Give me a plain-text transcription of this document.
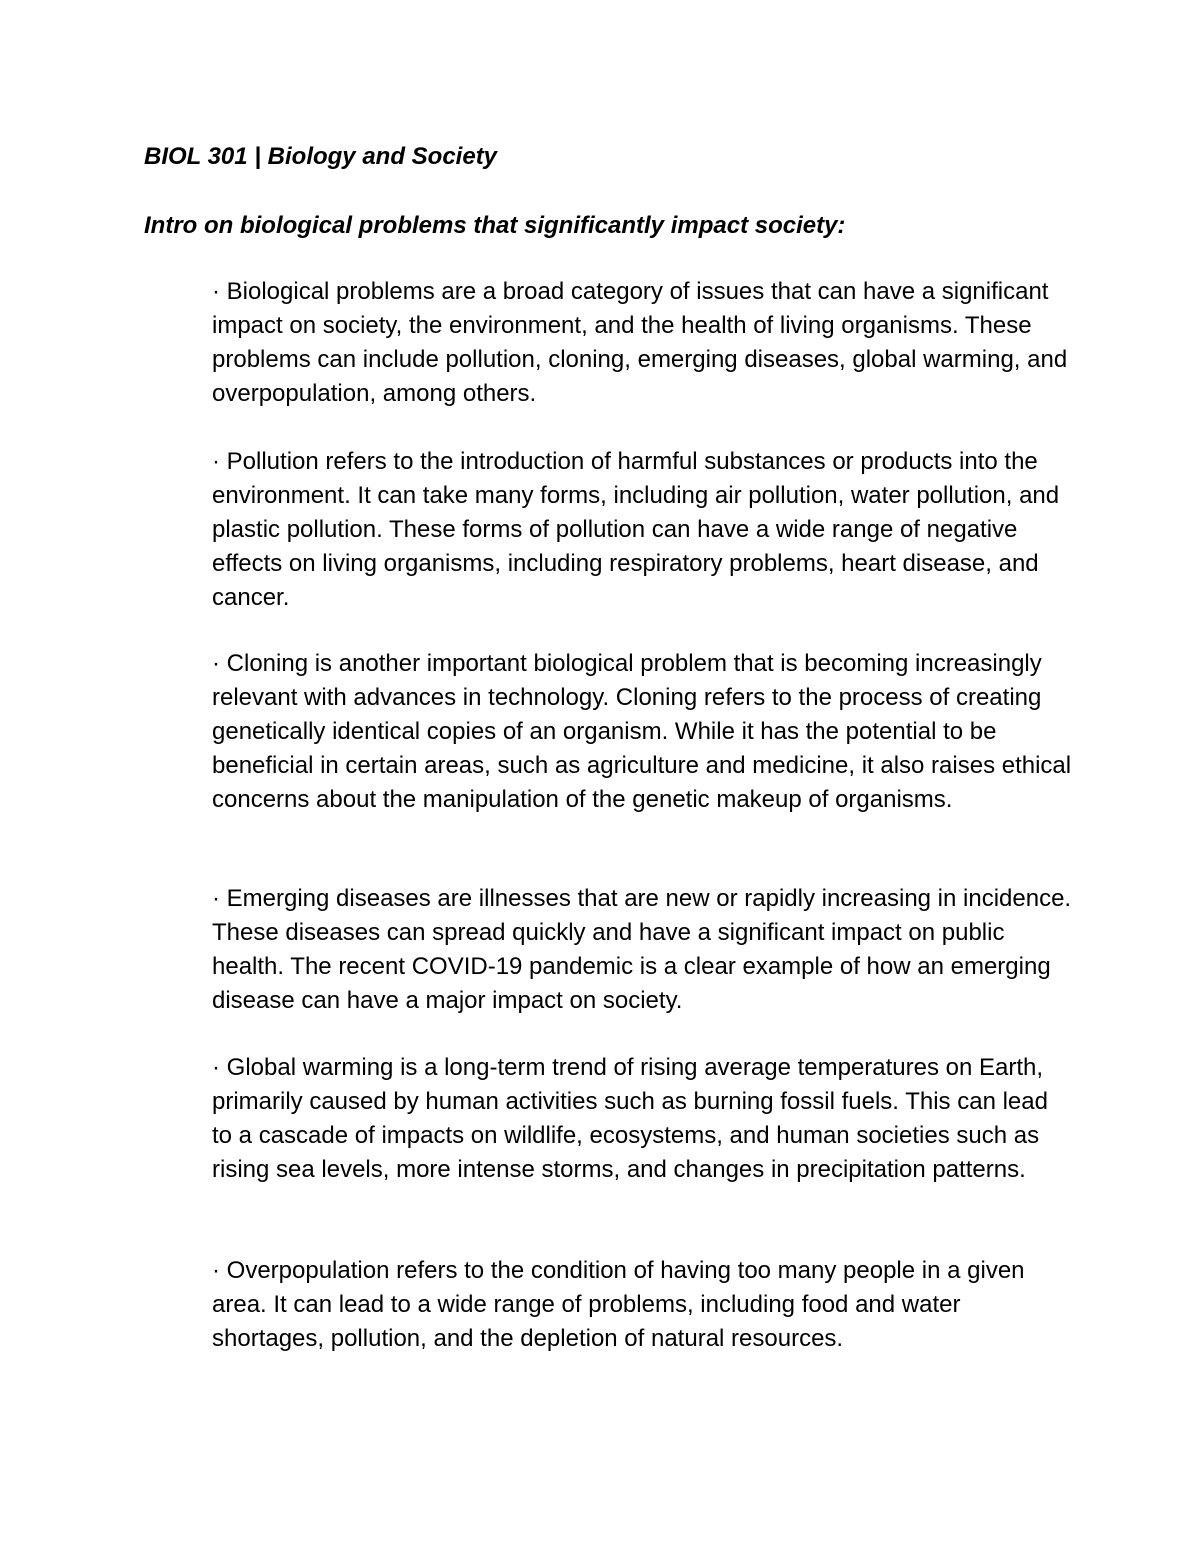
BIOL 301 | Biology and Society

Intro on biological problems that significantly impact society:

· Biological problems are a broad category of issues that can have a significant impact on society, the environment, and the health of living organisms. These problems can include pollution, cloning, emerging diseases, global warming, and overpopulation, among others.

· Pollution refers to the introduction of harmful substances or products into the environment. It can take many forms, including air pollution, water pollution, and plastic pollution. These forms of pollution can have a wide range of negative effects on living organisms, including respiratory problems, heart disease, and cancer.

· Cloning is another important biological problem that is becoming increasingly relevant with advances in technology. Cloning refers to the process of creating genetically identical copies of an organism. While it has the potential to be beneficial in certain areas, such as agriculture and medicine, it also raises ethical concerns about the manipulation of the genetic makeup of organisms.

· Emerging diseases are illnesses that are new or rapidly increasing in incidence. These diseases can spread quickly and have a significant impact on public health. The recent COVID-19 pandemic is a clear example of how an emerging disease can have a major impact on society.

· Global warming is a long-term trend of rising average temperatures on Earth, primarily caused by human activities such as burning fossil fuels. This can lead to a cascade of impacts on wildlife, ecosystems, and human societies such as rising sea levels, more intense storms, and changes in precipitation patterns.

· Overpopulation refers to the condition of having too many people in a given area. It can lead to a wide range of problems, including food and water shortages, pollution, and the depletion of natural resources.
